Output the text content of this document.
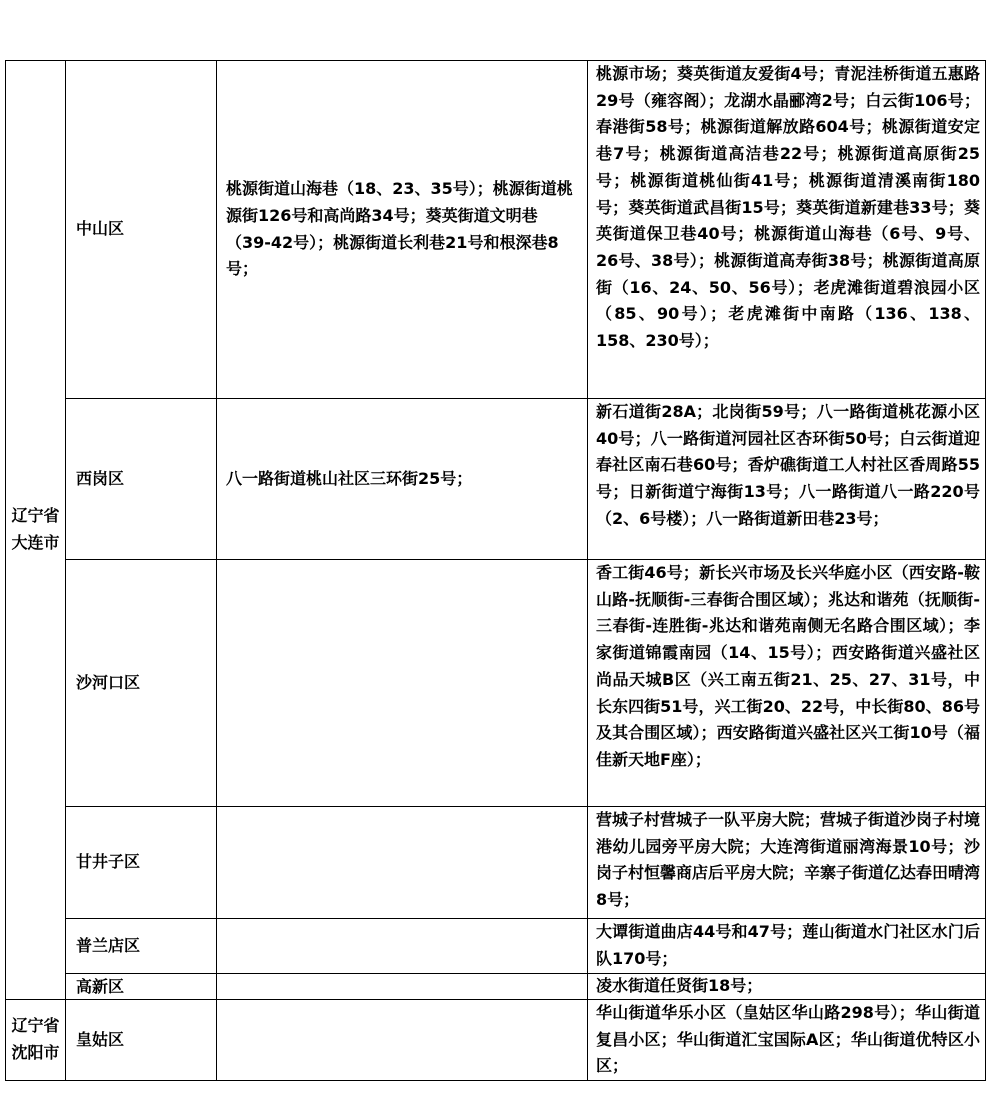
辽宁省大连市	中山区	桃源街道山海巷（18、23、35号）；桃源街道桃源街126号和高尚路34号；葵英街道文明巷（39-42号）；桃源街道长利巷21号和根深巷8号；	桃源市场；葵英街道友爱街4号；青泥洼桥街道五惠路29号（雍容阁）；龙湖水晶郦湾2号；白云街106号；春港街58号；桃源街道解放路604号；桃源街道安定巷7号；桃源街道高洁巷22号；桃源街道高原街25号；桃源街道桃仙街41号；桃源街道清溪南街180号；葵英街道武昌街15号；葵英街道新建巷33号；葵英街道保卫巷40号；桃源街道山海巷（6号、9号、26号、38号）；桃源街道高寿街38号；桃源街道高原街（16、24、50、56号）；老虎滩街道碧浪园小区（85、90号）；老虎滩街中南路（136、138、158、230号）；
	西岗区	八一路街道桃山社区三环街25号；	新石道街28A；北岗街59号；八一路街道桃花源小区40号；八一路街道河园社区杏环街50号；白云街道迎春社区南石巷60号；香炉礁街道工人村社区香周路55号；日新街道宁海街13号；八一路街道八一路220号（2、6号楼）；八一路街道新田巷23号；
	沙河口区		香工街46号；新长兴市场及长兴华庭小区（西安路-鞍山路-抚顺街-三春街合围区域）；兆达和谐苑（抚顺街-三春街-连胜街-兆达和谐苑南侧无名路合围区域）；李家街道锦霞南园（14、15号）；西安路街道兴盛社区尚品天城B区（兴工南五街21、25、27、31号，中长东四街51号，兴工街20、22号，中长街80、86号及其合围区域）；西安路街道兴盛社区兴工街10号（福佳新天地F座）；
	甘井子区		营城子村营城子一队平房大院；营城子街道沙岗子村境港幼儿园旁平房大院；大连湾街道丽湾海景10号；沙岗子村恒馨商店后平房大院；辛寨子街道亿达春田晴湾8号；
	普兰店区		大谭街道曲店44号和47号；莲山街道水门社区水门后队170号；
	高新区		凌水街道任贤街18号；
辽宁省沈阳市	皇姑区		华山街道华乐小区（皇姑区华山路298号）；华山街道复昌小区；华山街道汇宝国际A区；华山街道优特区小区；
